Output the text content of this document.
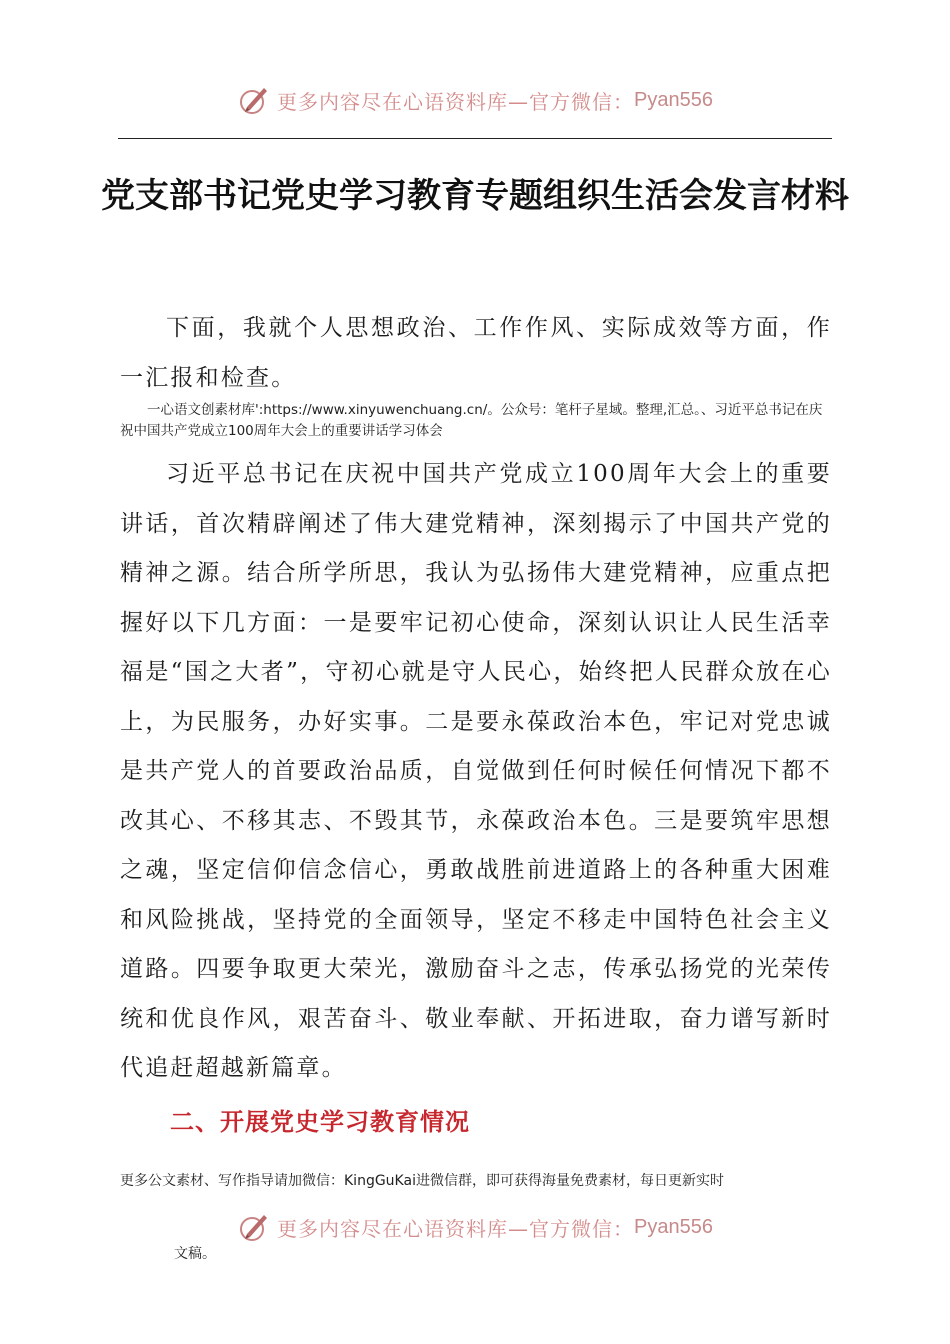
更多内容尽在心语资料库—官方微信： Pyan556
党支部书记党史学习教育专题组织生活会发言材料
下面，我就个人思想政治、工作作风、实际成效等方面，作一汇报和检查。
一心语文创素材库':https://www.xinyuwenchuang.cn/。公众号：笔杆子星域。整理,汇总。、习近平总书记在庆祝中国共产党成立100周年大会上的重要讲话学习体会
习近平总书记在庆祝中国共产党成立100周年大会上的重要讲话，首次精辟阐述了伟大建党精神，深刻揭示了中国共产党的精神之源。结合所学所思，我认为弘扬伟大建党精神，应重点把握好以下几方面：一是要牢记初心使命，深刻认识让人民生活幸福是“国之大者”，守初心就是守人民心，始终把人民群众放在心上，为民服务，办好实事。二是要永葆政治本色，牢记对党忠诚是共产党人的首要政治品质，自觉做到任何时候任何情况下都不改其心、不移其志、不毁其节，永葆政治本色。三是要筑牢思想之魂，坚定信仰信念信心，勇敢战胜前进道路上的各种重大困难和风险挑战，坚持党的全面领导，坚定不移走中国特色社会主义道路。四要争取更大荣光，激励奋斗之志，传承弘扬党的光荣传统和优良作风，艰苦奋斗、敬业奉献、开拓进取，奋力谱写新时代追赶超越新篇章。
二、开展党史学习教育情况
更多公文素材、写作指导请加微信：KingGuKai进微信群，即可获得海量免费素材，每日更新实时
更多内容尽在心语资料库—官方微信： Pyan556
文稿。
